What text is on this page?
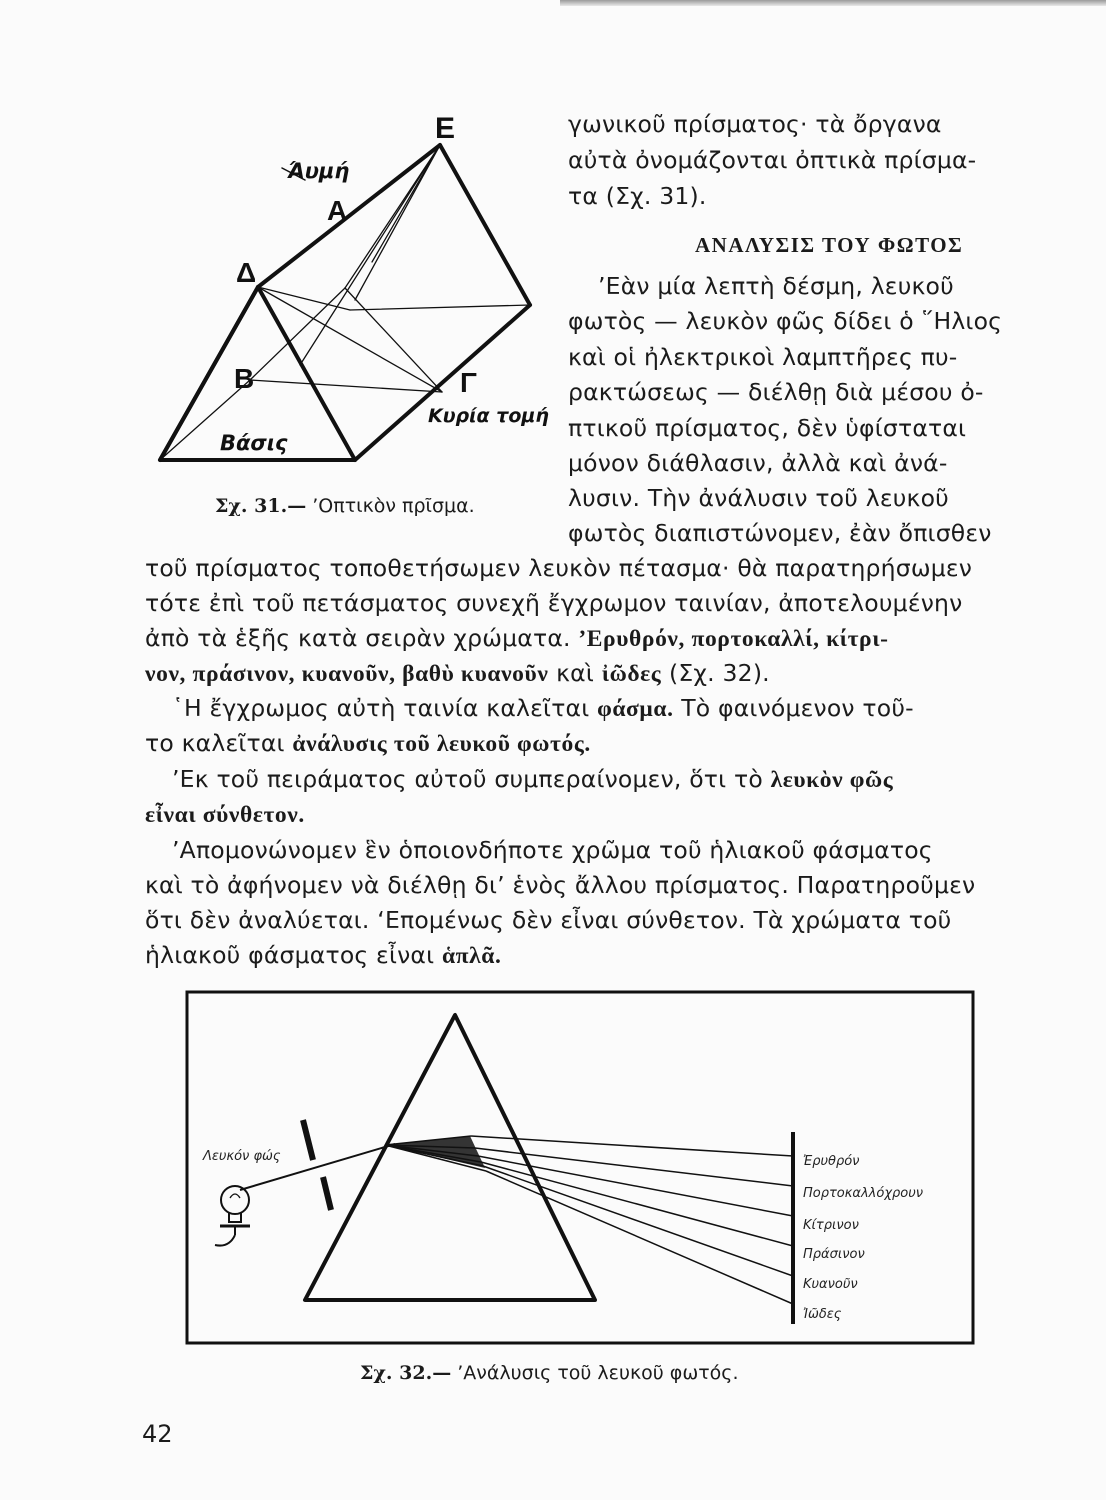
E
Α
Δ
Β	Γ
Άυμή
Κυρία τομή
Βάσις
Σχ. 31.— ’Οπτικὸν πρῖσμα.
γωνικοῦ πρίσματος· τὰ ὄργανα
αὐτὰ ὀνομάζονται ὀπτικὰ πρίσμα-
τα (Σχ. 31).
ΑΝΑΛΥΣΙΣ ΤΟΥ ΦΩΤΟΣ
’Εὰν μία λεπτὴ δέσμη, λευκοῦ
φωτὸς — λευκὸν φῶς δίδει ὁ ῞Ηλιος
καὶ οἱ ἠλεκτρικοὶ λαμπτῆρες πυ-
ρακτώσεως — διέλθῃ διὰ μέσου ὀ-
πτικοῦ πρίσματος, δὲν ὑφίσταται
μόνον διάθλασιν, ἀλλὰ καὶ ἀνά-
λυσιν. Τὴν ἀνάλυσιν τοῦ λευκοῦ
φωτὸς διαπιστώνομεν, ἐὰν ὄπισθεν
τοῦ πρίσματος τοποθετήσωμεν λευκὸν πέτασμα· θὰ παρατηρήσωμεν
τότε ἐπὶ τοῦ πετάσματος συνεχῆ ἔγχρωμον ταινίαν, ἀποτελουμένην
ἀπὸ τὰ ἑξῆς κατὰ σειρὰν χρώματα. ’Ερυθρόν, πορτοκαλλί, κίτρι-
νον, πράσινον, κυανοῦν, βαθὺ κυανοῦν καὶ ἰῶδες (Σχ. 32).
῾Η ἔγχρωμος αὐτὴ ταινία καλεῖται φάσμα. Τὸ φαινόμενον τοῦ-
το καλεῖται ἀνάλυσις τοῦ λευκοῦ φωτός.
’Εκ τοῦ πειράματος αὐτοῦ συμπεραίνομεν, ὅτι τὸ λευκὸν φῶς
εἶναι σύνθετον.
’Απομονώνομεν ἓν ὁποιονδήποτε χρῶμα τοῦ ἡλιακοῦ φάσματος
καὶ τὸ ἀφήνομεν νὰ διέλθῃ δι’ ἑνὸς ἄλλου πρίσματος. Παρατηροῦμεν
ὅτι δὲν ἀναλύεται. ‘Επομένως δὲν εἶναι σύνθετον. Τὰ χρώματα τοῦ
ἡλιακοῦ φάσματος εἶναι ἁπλᾶ.
Λευκόν φώς	Ἐρυθρόν
Πορτοκαλλόχρουν
Κίτρινον
Πράσινον
Κυανοῦν
Ἰῶδες
Σχ. 32.— ’Ανάλυσις τοῦ λευκοῦ φωτός.
42
